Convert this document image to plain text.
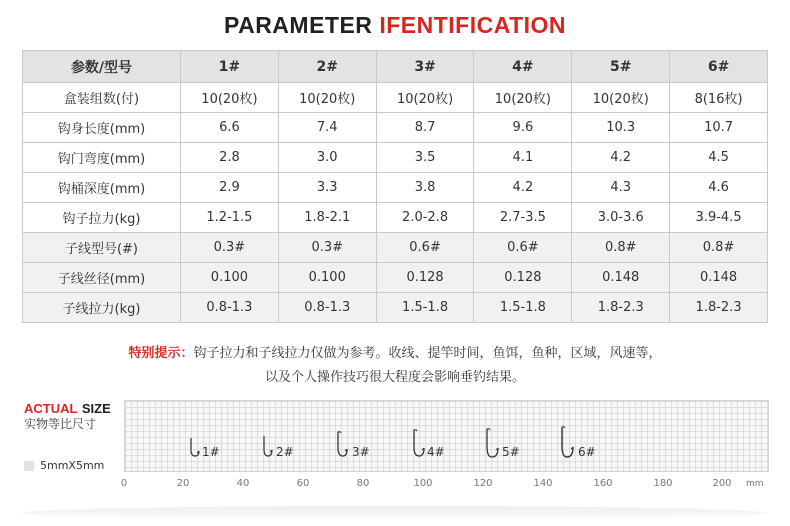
PARAMETER IFENTIFICATION
参数/型号	1#	2#	3#	4#	5#	6#
盒装组数(付)	10(20枚)	10(20枚)	10(20枚)	10(20枚)	10(20枚)	8(16枚)
钩身长度(mm)	6.6	7.4	8.7	9.6	10.3	10.7
钩门弯度(mm)	2.8	3.0	3.5	4.1	4.2	4.5
钩桶深度(mm)	2.9	3.3	3.8	4.2	4.3	4.6
钩子拉力(kg)	1.2-1.5	1.8-2.1	2.0-2.8	2.7-3.5	3.0-3.6	3.9-4.5
子线型号(#)	0.3#	0.3#	0.6#	0.6#	0.8#	0.8#
子线丝径(mm)	0.100	0.100	0.128	0.128	0.148	0.148
子线拉力(kg)	0.8-1.3	0.8-1.3	1.5-1.8	1.5-1.8	1.8-2.3	1.8-2.3
特别提示：钩子拉力和子线拉力仅做为参考。收线、提竿时间，鱼饵，鱼种，区域，风速等，
以及个人操作技巧很大程度会影响垂钓结果。
ACTUAL SIZE
实物等比尺寸
5mmX5mm
0	20	40	60	80	100	120	140	160	180	200 mm
1#	2#	3#	4#	5#	6#
